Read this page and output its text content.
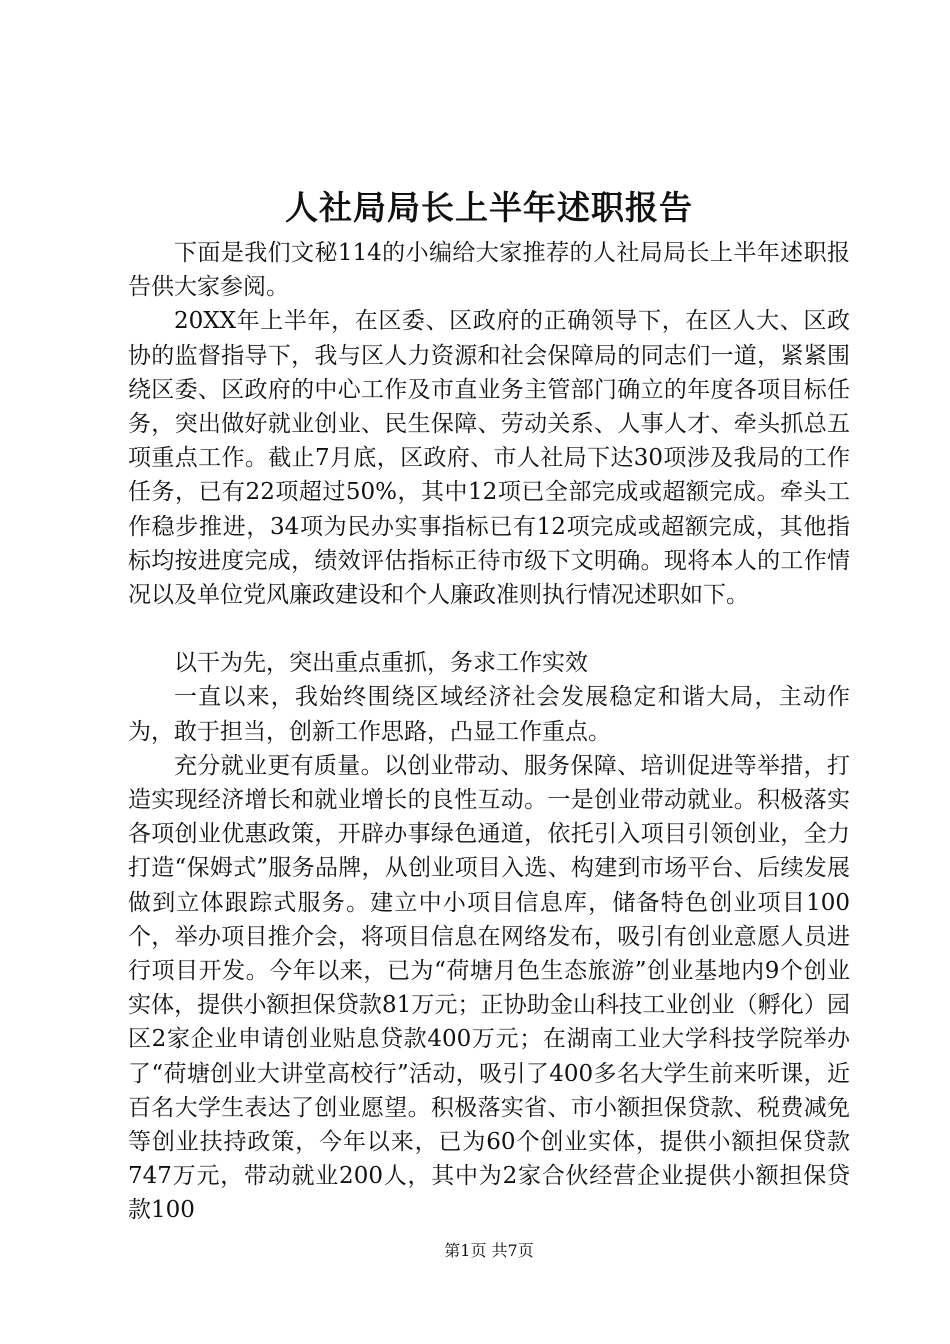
人社局局长上半年述职报告

下面是我们文秘114的小编给大家推荐的人社局局长上半年述职报告供大家参阅。

20XX年上半年，在区委、区政府的正确领导下，在区人大、区政协的监督指导下，我与区人力资源和社会保障局的同志们一道，紧紧围绕区委、区政府的中心工作及市直业务主管部门确立的年度各项目标任务，突出做好就业创业、民生保障、劳动关系、人事人才、牵头抓总五项重点工作。截止7月底，区政府、市人社局下达30项涉及我局的工作任务，已有22项超过50%，其中12项已全部完成或超额完成。牵头工作稳步推进，34项为民办实事指标已有12项完成或超额完成，其他指标均按进度完成，绩效评估指标正待市级下文明确。现将本人的工作情况以及单位党风廉政建设和个人廉政准则执行情况述职如下。

以干为先，突出重点重抓，务求工作实效

一直以来，我始终围绕区域经济社会发展稳定和谐大局，主动作为，敢于担当，创新工作思路，凸显工作重点。

充分就业更有质量。以创业带动、服务保障、培训促进等举措，打造实现经济增长和就业增长的良性互动。一是创业带动就业。积极落实各项创业优惠政策，开辟办事绿色通道，依托引入项目引领创业，全力打造“保姆式”服务品牌，从创业项目入选、构建到市场平台、后续发展做到立体跟踪式服务。建立中小项目信息库，储备特色创业项目100个，举办项目推介会，将项目信息在网络发布，吸引有创业意愿人员进行项目开发。今年以来，已为“荷塘月色生态旅游”创业基地内9个创业实体，提供小额担保贷款81万元；正协助金山科技工业创业（孵化）园区2家企业申请创业贴息贷款400万元；在湖南工业大学科技学院举办了“荷塘创业大讲堂高校行”活动，吸引了400多名大学生前来听课，近百名大学生表达了创业愿望。积极落实省、市小额担保贷款、税费减免等创业扶持政策，今年以来，已为60个创业实体，提供小额担保贷款747万元，带动就业200人，其中为2家合伙经营企业提供小额担保贷款100

第1页 共7页
